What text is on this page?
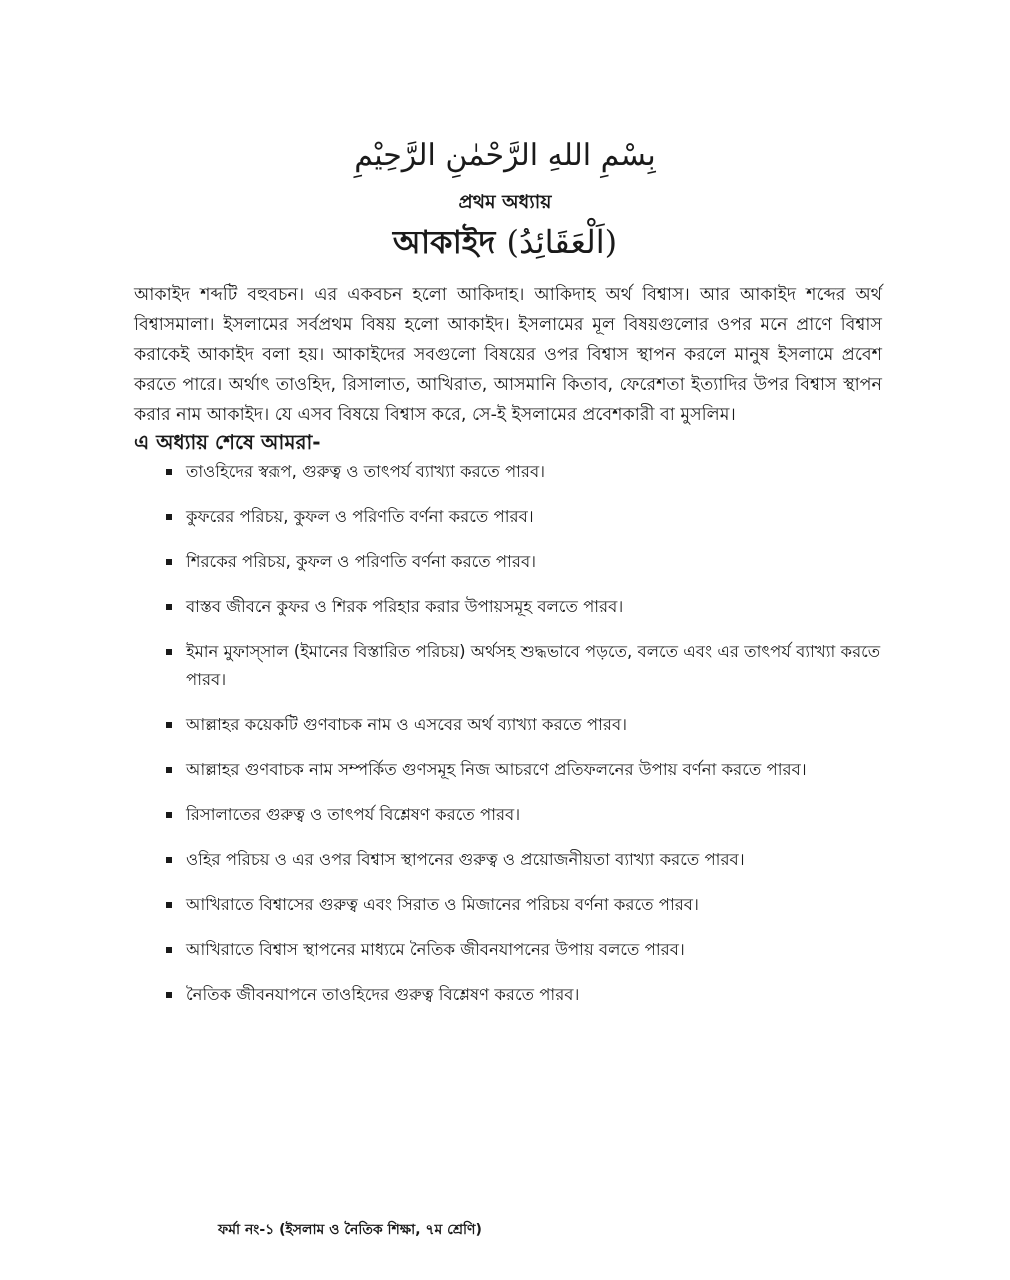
بِسْمِ اللهِ الرَّحْمٰنِ الرَّحِيْمِ
প্রথম অধ্যায়
আকাইদ (اَلْعَقَائِدُ)

আকাইদ শব্দটি বহুবচন। এর একবচন হলো আকিদাহ। আকিদাহ অর্থ বিশ্বাস। আর আকাইদ শব্দের অর্থ বিশ্বাসমালা। ইসলামের সর্বপ্রথম বিষয় হলো আকাইদ। ইসলামের মূল বিষয়গুলোর ওপর মনে প্রাণে বিশ্বাস করাকেই আকাইদ বলা হয়। আকাইদের সবগুলো বিষয়ের ওপর বিশ্বাস স্থাপন করলে মানুষ ইসলামে প্রবেশ করতে পারে। অর্থাৎ তাওহিদ, রিসালাত, আখিরাত, আসমানি কিতাব, ফেরেশতা ইত্যাদির উপর বিশ্বাস স্থাপন করার নাম আকাইদ। যে এসব বিষয়ে বিশ্বাস করে, সে-ই ইসলামের প্রবেশকারী বা মুসলিম।

এ অধ্যায় শেষে আমরা-
তাওহিদের স্বরূপ, গুরুত্ব ও তাৎপর্য ব্যাখ্যা করতে পারব।
কুফরের পরিচয়, কুফল ও পরিণতি বর্ণনা করতে পারব।
শিরকের পরিচয়, কুফল ও পরিণতি বর্ণনা করতে পারব।
বাস্তব জীবনে কুফর ও শিরক পরিহার করার উপায়সমূহ বলতে পারব।
ইমান মুফাস্সাল (ইমানের বিস্তারিত পরিচয়) অর্থসহ শুদ্ধভাবে পড়তে, বলতে এবং এর তাৎপর্য ব্যাখ্যা করতে পারব।
আল্লাহর কয়েকটি গুণবাচক নাম ও এসবের অর্থ ব্যাখ্যা করতে পারব।
আল্লাহর গুণবাচক নাম সম্পর্কিত গুণসমূহ নিজ আচরণে প্রতিফলনের উপায় বর্ণনা করতে পারব।
রিসালাতের গুরুত্ব ও তাৎপর্য বিশ্লেষণ করতে পারব।
ওহির পরিচয় ও এর ওপর বিশ্বাস স্থাপনের গুরুত্ব ও প্রয়োজনীয়তা ব্যাখ্যা করতে পারব।
আখিরাতে বিশ্বাসের গুরুত্ব এবং সিরাত ও মিজানের পরিচয় বর্ণনা করতে পারব।
আখিরাতে বিশ্বাস স্থাপনের মাধ্যমে নৈতিক জীবনযাপনের উপায় বলতে পারব।
নৈতিক জীবনযাপনে তাওহিদের গুরুত্ব বিশ্লেষণ করতে পারব।
ফর্মা নং-১ (ইসলাম ও নৈতিক শিক্ষা, ৭ম শ্রেণি)
